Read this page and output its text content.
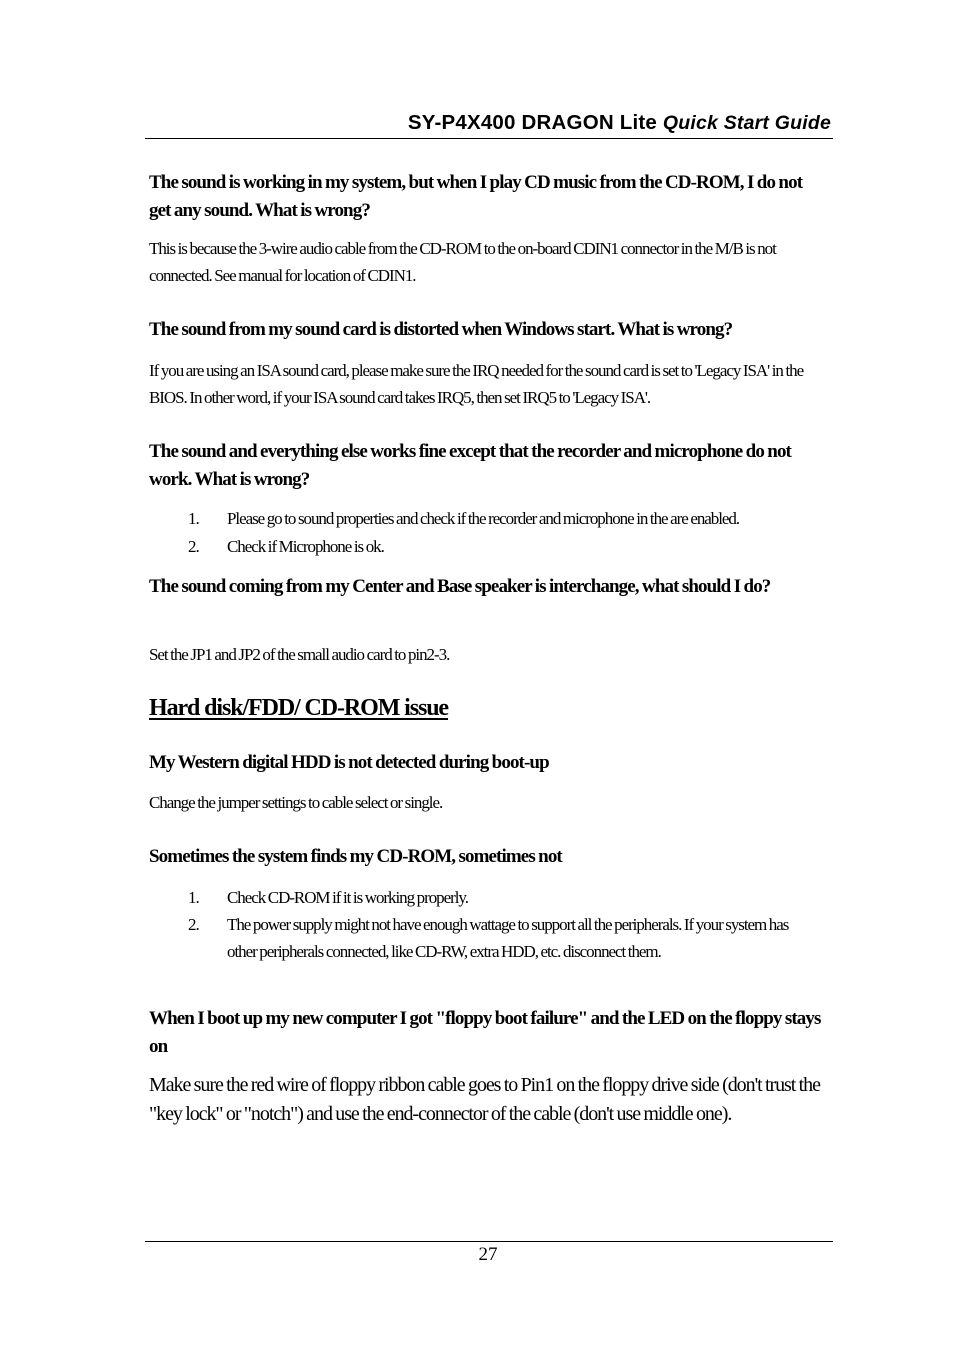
SY-P4X400 DRAGON Lite Quick Start Guide
The sound is working in my system, but when I play CD music from the CD-ROM, I do not get any sound. What is wrong?
This is because the 3-wire audio cable from the CD-ROM to the on-board CDIN1 connector in the M/B is not connected. See manual for location of CDIN1.
The sound from my sound card is distorted when Windows start. What is wrong?
If you are using an ISA sound card, please make sure the IRQ needed for the sound card is set to 'Legacy ISA' in the BIOS. In other word, if your ISA sound card takes IRQ5, then set IRQ5 to 'Legacy ISA'.
The sound and everything else works fine except that the recorder and microphone do not work. What is wrong?
1. Please go to sound properties and check if the recorder and microphone in the are enabled.
2. Check if Microphone is ok.
The sound coming from my Center and Base speaker is interchange, what should I do?
Set the JP1 and JP2 of the small audio card to pin2-3.
Hard disk/FDD/ CD-ROM issue
My Western digital HDD is not detected during boot-up
Change the jumper settings to cable select or single.
Sometimes the system finds my CD-ROM, sometimes not
1. Check CD-ROM if it is working properly.
2. The power supply might not have enough wattage to support all the peripherals. If your system has other peripherals connected, like CD-RW, extra HDD, etc. disconnect them.
When I boot up my new computer I got "floppy boot failure" and the LED on the floppy stays on
Make sure the red wire of floppy ribbon cable goes to Pin1 on the floppy drive side (don't trust the "key lock" or "notch") and use the end-connector of the cable (don't use middle one).
27
